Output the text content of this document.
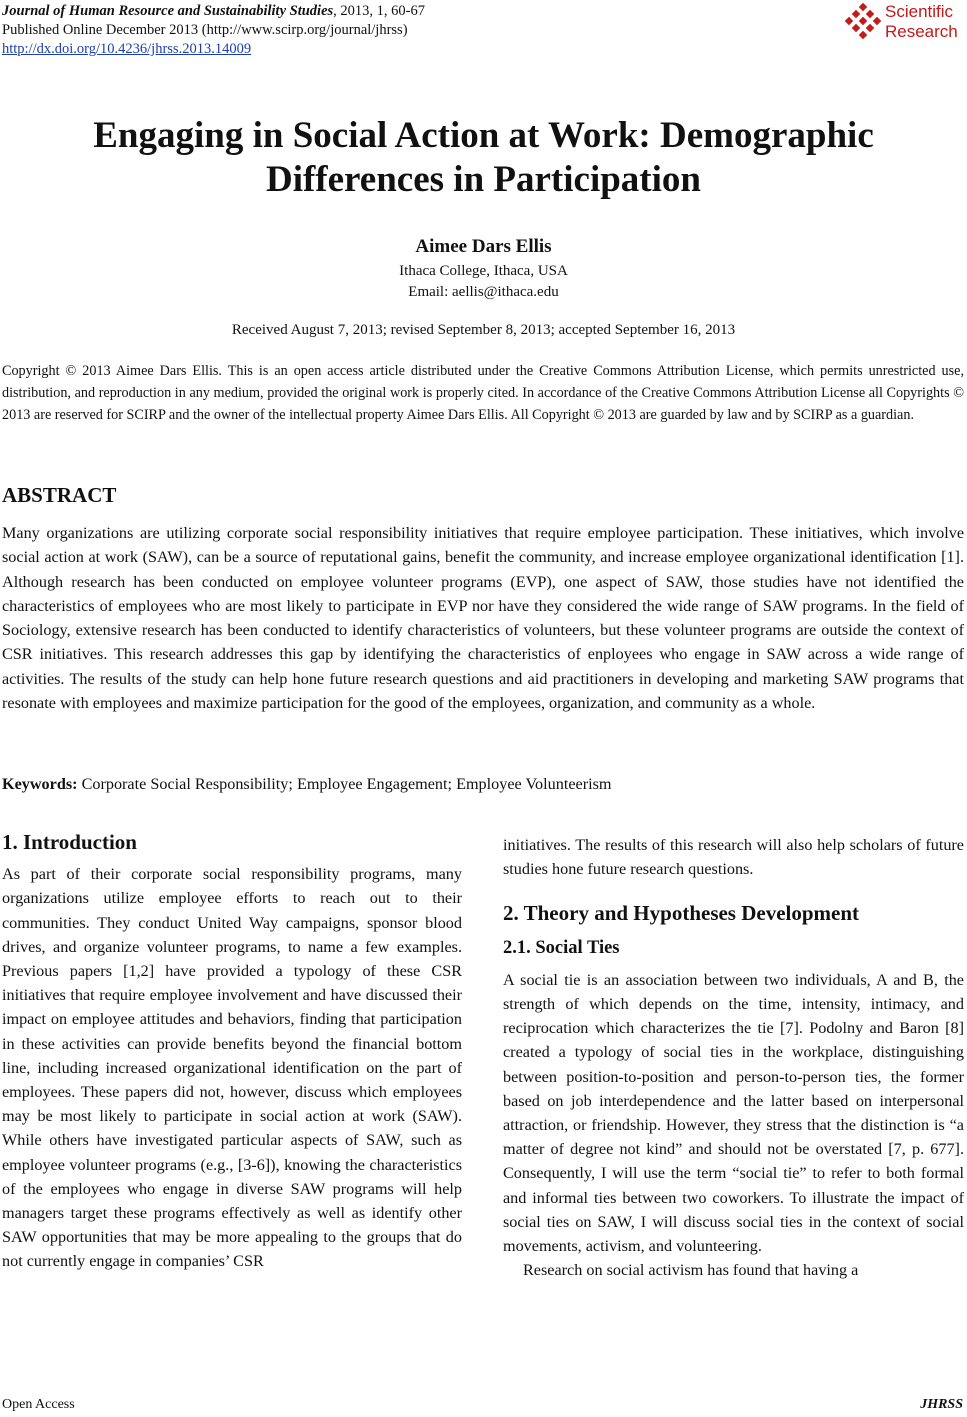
Journal of Human Resource and Sustainability Studies, 2013, 1, 60-67
Published Online December 2013 (http://www.scirp.org/journal/jhrss)
http://dx.doi.org/10.4236/jhrss.2013.14009
Scientific
Research
Engaging in Social Action at Work: Demographic
Differences in Participation
Aimee Dars Ellis
Ithaca College, Ithaca, USA
Email: aellis@ithaca.edu
Received August 7, 2013; revised September 8, 2013; accepted September 16, 2013
Copyright © 2013 Aimee Dars Ellis. This is an open access article distributed under the Creative Commons Attribution License, which permits unrestricted use, distribution, and reproduction in any medium, provided the original work is properly cited. In accordance of the Creative Commons Attribution License all Copyrights © 2013 are reserved for SCIRP and the owner of the intellectual property Aimee Dars Ellis. All Copyright © 2013 are guarded by law and by SCIRP as a guardian.
ABSTRACT
Many organizations are utilizing corporate social responsibility initiatives that require employee participation. These initiatives, which involve social action at work (SAW), can be a source of reputational gains, benefit the community, and increase employee organizational identification [1]. Although research has been conducted on employee volunteer programs (EVP), one aspect of SAW, those studies have not identified the characteristics of employees who are most likely to participate in EVP nor have they considered the wide range of SAW programs. In the field of Sociology, extensive research has been conducted to identify characteristics of volunteers, but these volunteer programs are outside the context of CSR initiatives. This research addresses this gap by identifying the characteristics of enployees who engage in SAW across a wide range of activities. The results of the study can help hone future research questions and aid practitioners in developing and marketing SAW programs that resonate with employees and maximize participation for the good of the employees, organization, and community as a whole.
Keywords: Corporate Social Responsibility; Employee Engagement; Employee Volunteerism
1. Introduction

As part of their corporate social responsibility programs, many organizations utilize employee efforts to reach out to their communities. They conduct United Way campaigns, sponsor blood drives, and organize volunteer programs, to name a few examples. Previous papers [1,2] have provided a typology of these CSR initiatives that require employee involvement and have discussed their impact on employee attitudes and behaviors, finding that participation in these activities can provide benefits beyond the financial bottom line, including increased organizational identification on the part of employees. These papers did not, however, discuss which employees may be most likely to participate in social action at work (SAW). While others have investigated particular aspects of SAW, such as employee volunteer programs (e.g., [3-6]), knowing the characteristics of the employees who engage in diverse SAW programs will help managers target these programs effectively as well as identify other SAW opportunities that may be more appealing to the groups that do not currently engage in companies’ CSR

initiatives. The results of this research will also help scholars of future studies hone future research questions.

2. Theory and Hypotheses Development
2.1. Social Ties

A social tie is an association between two individuals, A and B, the strength of which depends on the time, intensity, intimacy, and reciprocation which characterizes the tie [7]. Podolny and Baron [8] created a typology of social ties in the workplace, distinguishing between position-to-position and person-to-person ties, the former based on job interdependence and the latter based on interpersonal attraction, or friendship. However, they stress that the distinction is “a matter of degree not kind” and should not be overstated [7, p. 677]. Consequently, I will use the term “social tie” to refer to both formal and informal ties between two coworkers. To illustrate the impact of social ties on SAW, I will discuss social ties in the context of social movements, activism, and volunteering.

Research on social activism has found that having a

Open Access	JHRSS
